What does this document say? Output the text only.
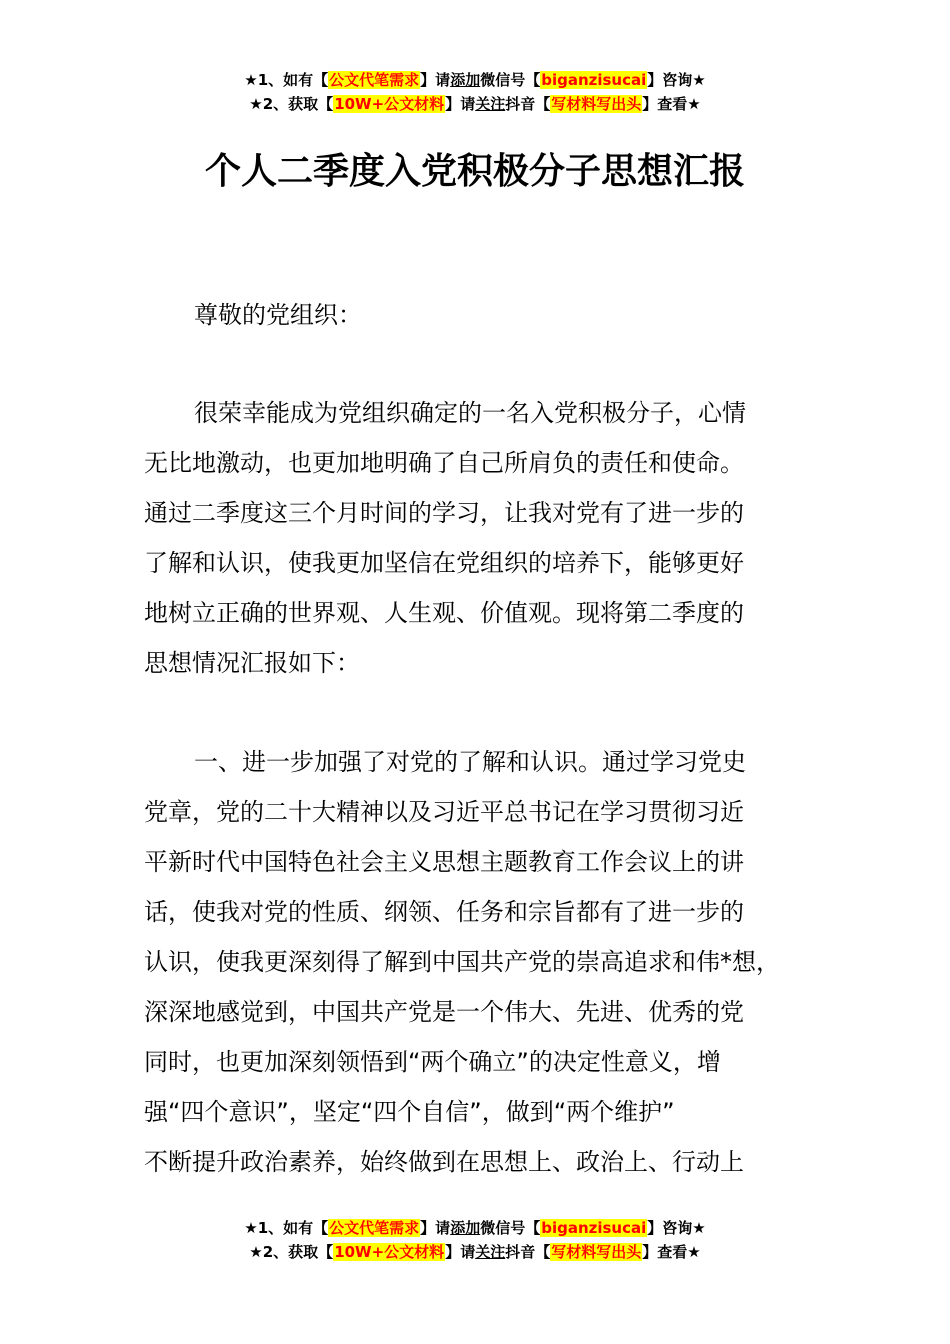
★1、如有【公文代笔需求】请添加微信号【biganzisucai】咨询★
★2、获取【10W+公文材料】请关注抖音【写材料写出头】查看★
个人二季度入党积极分子思想汇报

尊敬的党组织：

很荣幸能成为党组织确定的一名入党积极分子，心情
无比地激动，也更加地明确了自己所肩负的责任和使命。
通过二季度这三个月时间的学习，让我对党有了进一步的
了解和认识，使我更加坚信在党组织的培养下，能够更好
地树立正确的世界观、人生观、价值观。现将第二季度的
思想情况汇报如下：
一、进一步加强了对党的了解和认识。通过学习党史
党章，党的二十大精神以及习近平总书记在学习贯彻习近
平新时代中国特色社会主义思想主题教育工作会议上的讲
话，使我对党的性质、纲领、任务和宗旨都有了进一步的
认识，使我更深刻得了解到中国共产党的崇高追求和伟*想，
深深地感觉到，中国共产党是一个伟大、先进、优秀的党
同时，也更加深刻领悟到“两个确立”的决定性意义，增
强“四个意识”，坚定“四个自信”，做到“两个维护”
不断提升政治素养，始终做到在思想上、政治上、行动上
★1、如有【公文代笔需求】请添加微信号【biganzisucai】咨询★
★2、获取【10W+公文材料】请关注抖音【写材料写出头】查看★
